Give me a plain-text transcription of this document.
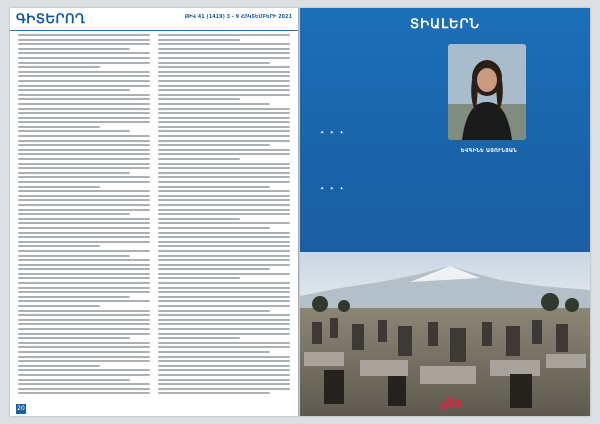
ԳԻՏԵՐՈՂ	ԹԻՎ 41 (1419) 3 - 9 ՀՈԿՏԵՄԲԵՐԻ 2021
20
ՏԻԱԼԵՐՆ
✦ ✦ ✦
✦ ✦ ✦
ԵՎԳԻՆԵ ԱՅՈՒՆՅԱՆ
